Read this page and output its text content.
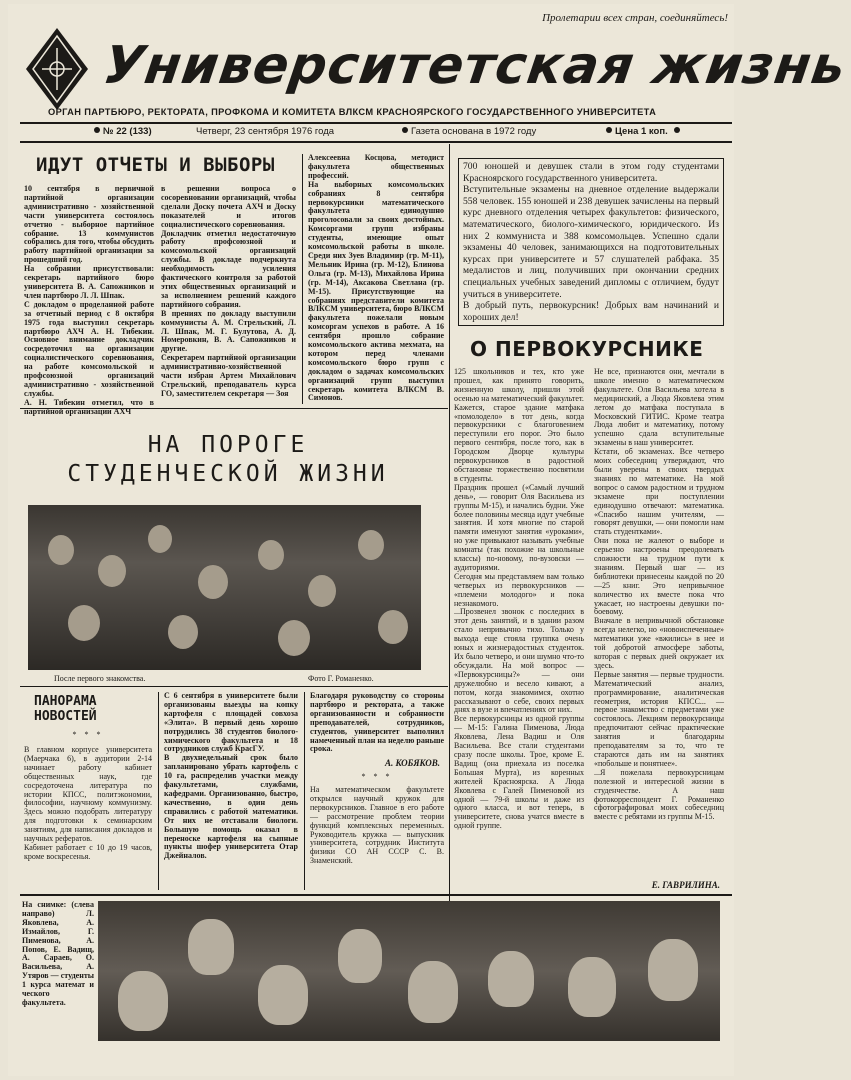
Пролетарии всех стран, соединяйтесь!
Университетская жизнь
ОРГАН ПАРТБЮРО, РЕКТОРАТА, ПРОФКОМА И КОМИТЕТА ВЛКСМ КРАСНОЯРСКОГО ГОСУДАРСТВЕННОГО УНИВЕРСИТЕТА
№ 22 (133)	Четверг, 23 сентября 1976 года	Газета основана в 1972 году	Цена 1 коп.
ИДУТ ОТЧЕТЫ И ВЫБОРЫ
10 сентября в первичной партийной организации административно - хозяйственной части университета состоялось отчетно - выборное партийное собрание. 13 коммунистов собрались для того, чтобы обсудить работу партийной организации за прошедший год.
На собрании присутствовали: секретарь партийного бюро университета В. А. Сапожников и член партбюро Л. Л. Шпак.
С докладом о проделанной работе за отчетный период с 8 октября 1975 года выступил секретарь партбюро АХЧ А. Н. Тибекин. Основное внимание докладчик сосредоточил на организации социалистического соревнования, на работе комсомольской и профсоюзной организаций административно - хозяйственной службы.
А. Н. Тибекин отметил, что в партийной организации АХЧ
в решении вопроса о сосоревновании организаций, чтобы сделали Доску почета АХЧ и Доску показателей и итогов социалистического соревнования.
Докладчик отметил недостаточную работу профсоюзной и комсомольской организаций службы. В докладе подчеркнута необходимость усиления фактического контроля за работой этих общественных организаций и за исполнением решений каждого партийного собрания.
В прениях по докладу выступили коммунисты А. М. Стрельский, Л. Л. Шпак, М. Г. Булутова, А. Д. Номеровкин, В. А. Сапожников и другие.
Секретарем партийной организации административно-хозяйственной части избран Артем Михайлович Стрельский, преподаватель курса ГО, заместителем секретаря — Зоя
Алексеевна Косцова, методист факультета общественных профессий.
На выборных комсомольских собраниях 8 сентября первокурсники математического факультета единодушно проголосовали за своих достойных. Комсоргами групп избраны студенты, имеющие опыт комсомольской работы в школе. Среди них Зуев Владимир (гр. М-11), Мельник Ирина (гр. М-12), Блинова Ольга (гр. М-13), Михайлова Ирина (гр. М-14), Аксакова Светлана (гр. М-15). Присутствующие на собраниях представители комитета ВЛКСМ университета, бюро ВЛКСМ факультета пожелали новым комсоргам успехов в работе. А 16 сентября прошло собрание комсомольского актива мехмата, на котором перед членами комсомольского бюро групп с докладом о задачах комсомольских организаций групп выступил секретарь комитета ВЛКСМ В. Симонов.
700 юношей и девушек стали в этом году студентами Красноярского государственного университета.
Вступительные экзамены на дневное отделение выдержали 558 человек. 155 юношей и 238 девушек зачислены на первый курс дневного отделения четырех факультетов: физического, математического, биолого-химического, юридического. Из них 2 коммуниста и 388 комсомольцев. Успешно сдали экзамены 40 человек, занимающихся на подготовительных курсах при университете и 57 слушателей рабфака. 35 медалистов и лиц, получивших при окончании средних специальных учебных заведений дипломы с отличием, будут учиться в университете.
В добрый путь, первокурсник! Добрых вам начинаний и хороших дел!
О ПЕРВОКУРСНИКЕ
125 школьников и тех, кто уже прошел, как принято говорить, жизненную школу, пришли этой осенью на математический факультет.
Кажется, старое здание матфака «помолодело» в тот день, когда первокурсники с благоговением переступили его порог. Это было первого сентября, после того, как в Городском Дворце культуры первокурсников в радостной обстановке торжественно посвятили в студенты.
Праздник прошел («Самый лучший день», — говорит Оля Васильева из группы М-15), и начались будни. Уже более половины месяца идут учебные занятия. И хотя многие по старой памяти именуют занятия «уроками», но уже привыкают называть учебные комнаты (так похожие на школьные классы) по-новому, по-вузовски — аудиториями.
Сегодня мы представляем вам только четверых из первокурсников — «племени молодого» и пока незнакомого.
...Прозвенел звонок с последних в этот день занятий, и в здании разом стало непривычно тихо. Только у выхода еще стояла группка очень юных и жизнерадостных студенток. Их было четверо, и они шумно что-то обсуждали. На мой вопрос — «Первокурсницы?» — они дружелюбно и весело кивают, а потом, когда знакомимся, охотно рассказывают о себе, своих первых днях в вузе и впечатлениях от них.
Все первокурсницы из одной группы — М-15: Галина Пименова, Люда Яковлева, Лена Вадиш и Оля Васильева. Все стали студентами сразу после школы. Трое, кроме Е. Вадищ (она приехала из поселка Большая Мурта), из коренных жителей Красноярска. А Люда Яковлева с Галей Пименовой из одной — 79-й школы и даже из одного класса, и вот теперь, в университете, снова учатся вместе в одной группе.
Не все, признаются они, мечтали в школе именно о математическом факультете. Оля Васильева хотела в медицинский, а Люда Яковлева этим летом до матфака поступала в Московский ГИТИС. Кроме театра Люда любит и математику, потому успешно сдала вступительные экзамены в наш университет.
Кстати, об экзаменах. Все четверо моих собеседниц утверждают, что были уверены в своих твердых знаниях по математике. На мой вопрос о самом радостном и трудном экзамене при поступлении единодушно отвечают: математика. «Спасибо нашим учителям, — говорят девушки, — они помогли нам стать студентками».
Они пока не жалеют о выборе и серьезно настроены преодолевать сложности на трудном пути к знаниям. Первый шаг — из библиотеки принесены каждой по 20—25 книг. Это непривычное количество их вместе пока что ужасает, но настроены девушки по-боевому.
Вначале в непривычной обстановке всегда нелегко, но «новоиспеченные» математики уже «вжились» в нее и той добротой атмосфере заботы, которая с первых дней окружает их здесь.
Первые занятия — первые трудности. Математический анализ, программирование, аналитическая геометрия, история КПСС... — первое знакомство с предметами уже состоялось. Лекциям первокурсницы предпочитают сейчас практические занятия и благодарны преподавателям за то, что те стараются дать им на занятиях «побольше и понятнее».
...Я пожелала первокурсницам полезной и интересной жизни в студенчестве. А наш фотокорреспондент Г. Романенко сфотографировал моих собеседниц вместе с ребятами из группы М-15.
Е. ГАВРИЛИНА.
НА ПОРОГЕ
СТУДЕНЧЕСКОЙ ЖИЗНИ
После первого знакомства.	Фото Г. Романенко.
ПАНОРАМА
НОВОСТЕЙ
* * *
В главном корпусе университета (Маерчака 6), в аудитории 2-14 начинает работу кабинет общественных наук, где сосредоточена литература по истории КПСС, политэкономии, философии, научному коммунизму. Здесь можно подобрать литературу для подготовки к семинарским занятиям, для написания докладов и научных рефератов.
Кабинет работает с 10 до 19 часов, кроме воскресенья.
С 6 сентября в университете были организованы выезды на копку картофеля с площадей совхоза «Элита». В первый день хорошо потрудились 38 студентов биолого-химического факультета и 18 сотрудников служб КрасГУ.
В двухнедельный срок было запланировано убрать картофель с 10 га, распределив участки между факультетами, службами, кафедрами. Организованно, быстро, качественно, в один день справились с работой математики. От них не отставали биологи. Большую помощь оказал в переноске картофеля на сыпные пункты шофер университета Отар Джейналов.
Благодаря руководству со стороны партбюро и ректората, а также организованности и собранности преподавателей, сотрудников, студентов, университет выполнил намеченный план на неделю раньше срока.
А. КОБЯКОВ.
* * *
На математическом факультете открылся научный кружок для первокурсников. Главное в его работе — рассмотрение проблем теории функций комплексных переменных. Руководитель кружка — выпускник университета, сотрудник Института физики СО АН СССР С. В. Знаменский.
На снимке: (слева направо) Л. Яковлева, А. Измайлов, Г. Пименова, А. Попов, Е. Вадищ, А. Сараев, О. Васильева, А. Утяров — студенты 1 курса математ и ческого факультета.
